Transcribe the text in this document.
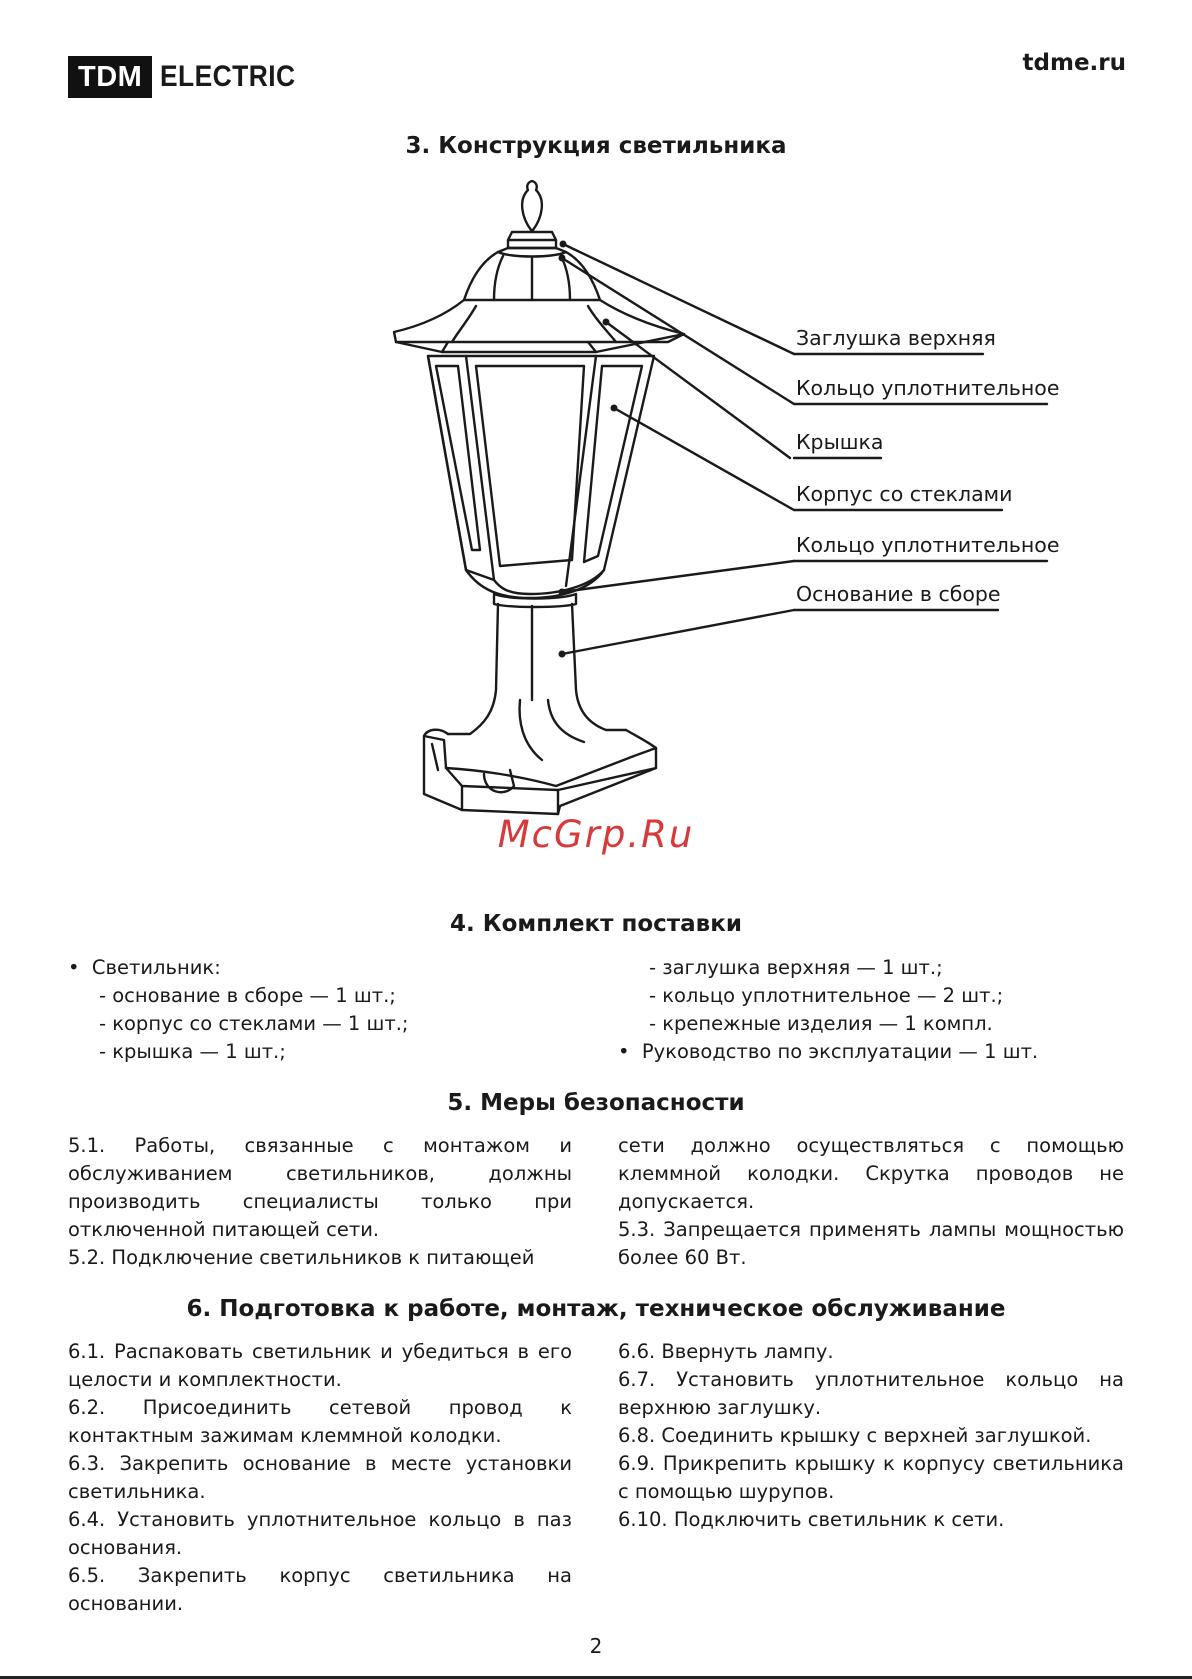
TDM ELECTRIC	tdme.ru
3. Конструкция светильника
Заглушка верхняя
Кольцо уплотнительное
Крышка
Корпус со стеклами
Кольцо уплотнительное
Основание в сборе
McGrp.Ru
4. Комплект поставки
•  Светильник:
- основание в сборе — 1 шт.;
- корпус со стеклами — 1 шт.;
- крышка — 1 шт.;
- заглушка верхняя — 1 шт.;
- кольцо уплотнительное — 2 шт.;
- крепежные изделия — 1 компл.
•  Руководство по эксплуатации — 1 шт.
5. Меры безопасности

5.1. Работы, связанные с монтажом и обслуживанием светильников, должны производить специалисты только при отключенной питающей сети.

5.2. Подключение светильников к питающей

сети должно осуществляться с помощью клеммной колодки. Скрутка проводов не допускается.

5.3. Запрещается применять лампы мощностью более 60 Вт.

6. Подготовка к работе, монтаж, техническое обслуживание

6.1. Распаковать светильник и убедиться в его целости и комплектности.

6.2. Присоединить сетевой провод к контактным зажимам клеммной колодки.

6.3. Закрепить основание в месте установки светильника.

6.4. Установить уплотнительное кольцо в паз основания.

6.5. Закрепить корпус светильника на основании.

6.6. Ввернуть лампу.

6.7. Установить уплотнительное кольцо на верхнюю заглушку.

6.8. Соединить крышку с верхней заглушкой.

6.9. Прикрепить крышку к корпусу светильника с помощью шурупов.

6.10. Подключить светильник к сети.

2
